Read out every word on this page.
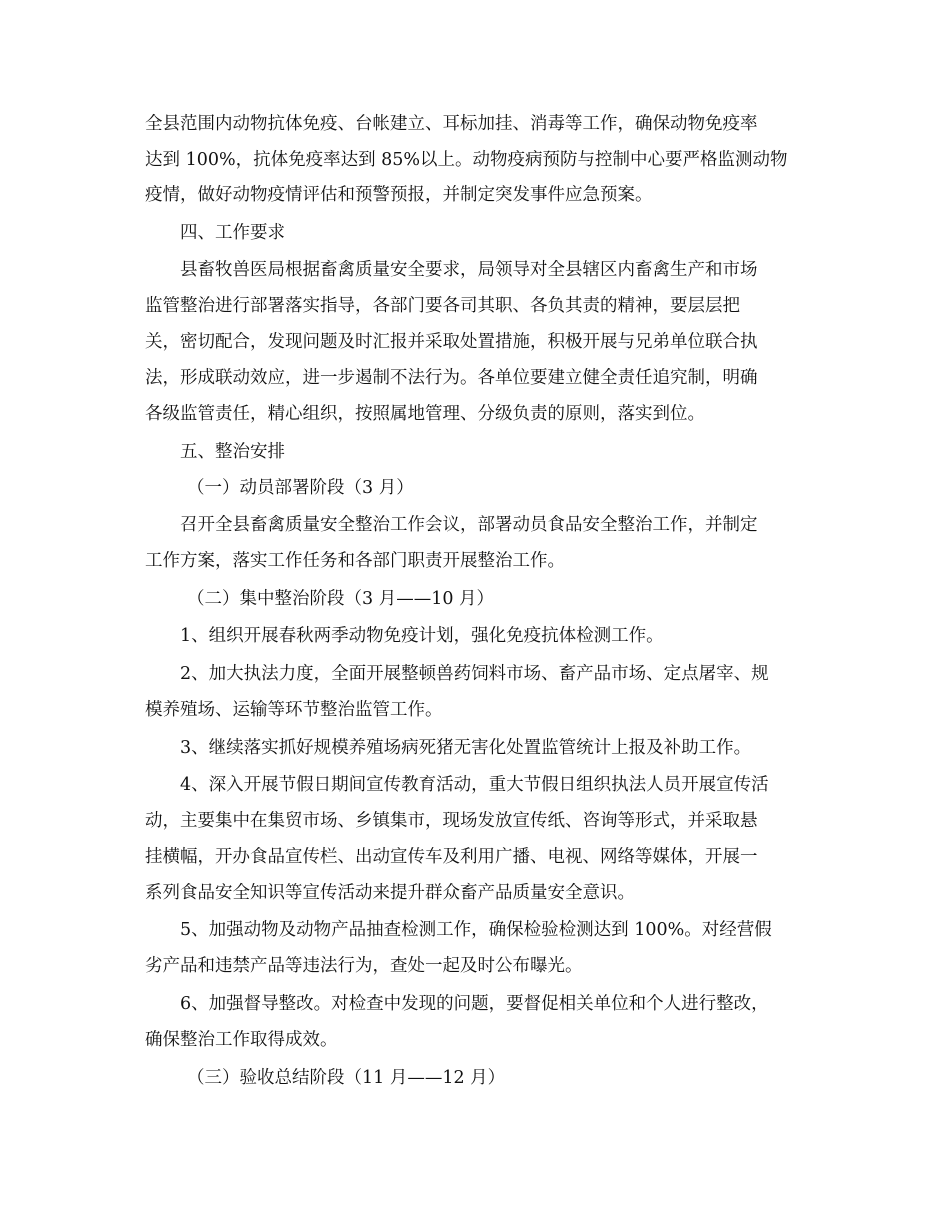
全县范围内动物抗体免疫、台帐建立、耳标加挂、消毒等工作，确保动物免疫率
达到 100%，抗体免疫率达到 85%以上。动物疫病预防与控制中心要严格监测动物
疫情，做好动物疫情评估和预警预报，并制定突发事件应急预案。
四、工作要求
县畜牧兽医局根据畜禽质量安全要求，局领导对全县辖区内畜禽生产和市场
监管整治进行部署落实指导，各部门要各司其职、各负其责的精神，要层层把
关，密切配合，发现问题及时汇报并采取处置措施，积极开展与兄弟单位联合执
法，形成联动效应，进一步遏制不法行为。各单位要建立健全责任追究制，明确
各级监管责任，精心组织，按照属地管理、分级负责的原则，落实到位。
五、整治安排
（一）动员部署阶段（3 月）
召开全县畜禽质量安全整治工作会议，部署动员食品安全整治工作，并制定
工作方案，落实工作任务和各部门职责开展整治工作。
（二）集中整治阶段（3 月——10 月）
1、组织开展春秋两季动物免疫计划，强化免疫抗体检测工作。
2、加大执法力度，全面开展整顿兽药饲料市场、畜产品市场、定点屠宰、规
模养殖场、运输等环节整治监管工作。
3、继续落实抓好规模养殖场病死猪无害化处置监管统计上报及补助工作。
4、深入开展节假日期间宣传教育活动，重大节假日组织执法人员开展宣传活
动，主要集中在集贸市场、乡镇集市，现场发放宣传纸、咨询等形式，并采取悬
挂横幅，开办食品宣传栏、出动宣传车及利用广播、电视、网络等媒体，开展一
系列食品安全知识等宣传活动来提升群众畜产品质量安全意识。
5、加强动物及动物产品抽查检测工作，确保检验检测达到 100%。对经营假
劣产品和违禁产品等违法行为，查处一起及时公布曝光。
6、加强督导整改。对检查中发现的问题，要督促相关单位和个人进行整改，
确保整治工作取得成效。
（三）验收总结阶段（11 月——12 月）
